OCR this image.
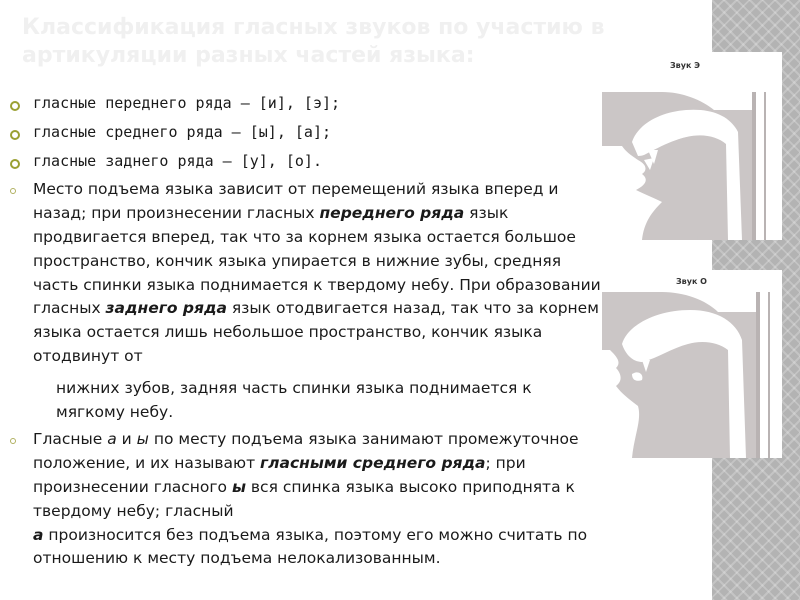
Классификация гласных звуков по участию в артикуляции разных частей языка:	Звук Э
Звук О

гласные переднего ряда — [и], [э];

гласные среднего ряда — [ы], [а];

гласные заднего ряда — [у], [о].

Место подъема языка зависит от перемещений языка вперед и назад; при произнесении гласных переднего ряда язык продвигается вперед, так что за корнем языка остается большое пространство, кончик языка упирается в нижние зубы, средняя часть спинки языка поднимается к твердому небу. При образовании гласных заднего ряда язык отодвигается назад, так что за корнем языка остается лишь небольшое пространство, кончик языка отодвинут от

нижних зубов, задняя часть спинки языка поднимается к мягкому небу.

Гласные а и ы по месту подъема языка занимают промежуточное положение, и их называют гласными среднего ряда; при произнесении гласного ы вся спинка языка высоко приподнята к твердому небу; гласный
а произносится без подъема языка, поэтому его можно считать по отношению к месту подъема нелокализованным.
